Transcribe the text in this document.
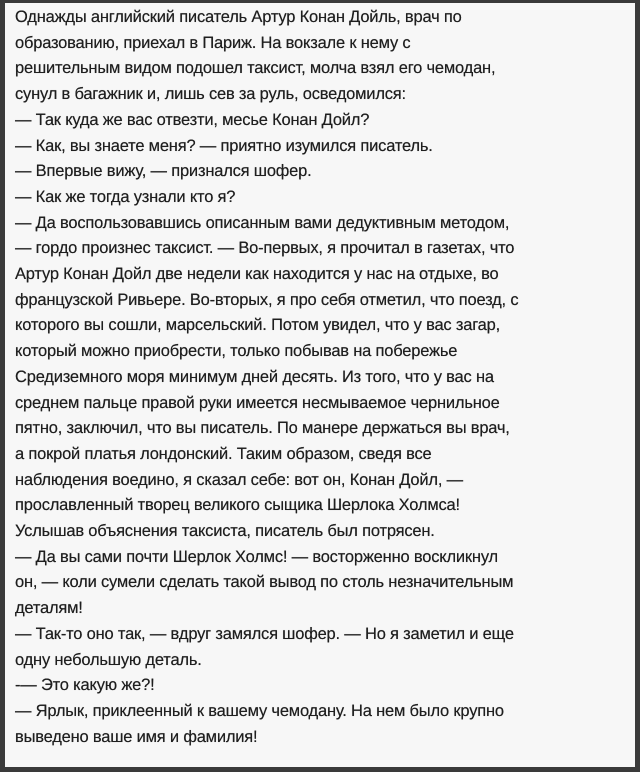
Однажды английский писатель Артур Конан Дойль, врач по
образованию, приехал в Париж. На вокзале к нему с
решительным видом подошел таксист, молча взял его чемодан,
сунул в багажник и, лишь сев за руль, осведомился:
— Так куда же вас отвезти, месье Конан Дойл?
— Как, вы знаете меня? — приятно изумился писатель.
— Впервые вижу, — признался шофер.
— Как же тогда узнали кто я?
— Да воспользовавшись описанным вами дедуктивным методом,
— гордо произнес таксист. — Во-первых, я прочитал в газетах, что
Артур Конан Дойл две недели как находится у нас на отдыхе, во
французской Ривьере. Во-вторых, я про себя отметил, что поезд, с
которого вы сошли, марсельский. Потом увидел, что у вас загар,
который можно приобрести, только побывав на побережье
Средиземного моря минимум дней десять. Из того, что у вас на
среднем пальце правой руки имеется несмываемое чернильное
пятно, заключил, что вы писатель. По манере держаться вы врач,
а покрой платья лондонский. Таким образом, сведя все
наблюдения воедино, я сказал себе: вот он, Конан Дойл, —
прославленный творец великого сыщика Шерлока Холмса!
Услышав объяснения таксиста, писатель был потрясен.
— Да вы сами почти Шерлок Холмс! — восторженно воскликнул
он, — коли сумели сделать такой вывод по столь незначительным
деталям!
— Так-то оно так, — вдруг замялся шофер. — Но я заметил и еще
одну небольшую деталь.
-— Это какую же?!
— Ярлык, приклеенный к вашему чемодану. На нем было крупно
выведено ваше имя и фамилия!
